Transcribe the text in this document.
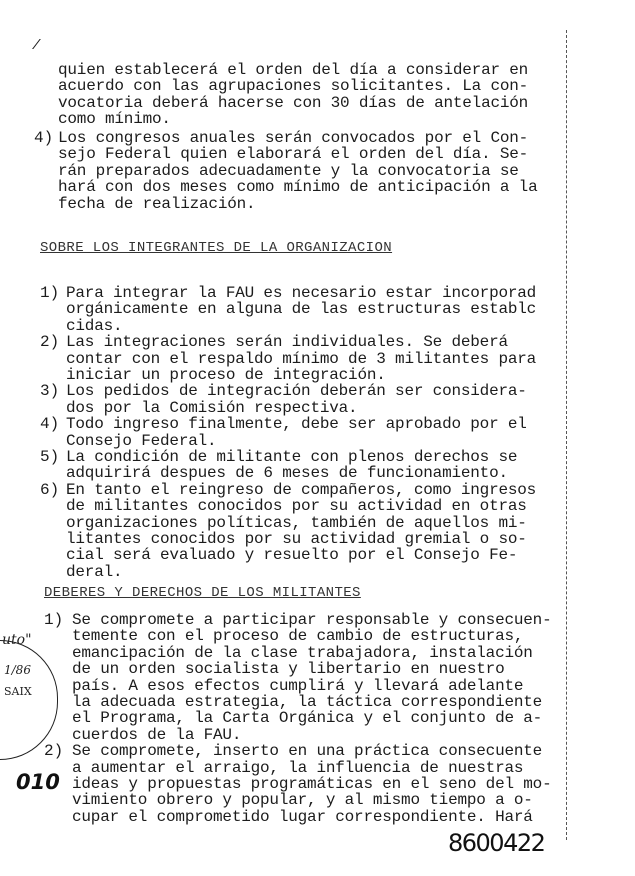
/
quien establecerá el orden del día a considerar en
acuerdo con las agrupaciones solicitantes. La con-
vocatoria deberá hacerse con 30 días de antelación
como mínimo.
4) Los congresos anuales serán convocados por el Con-
sejo Federal quien elaborará el orden del día. Se-
rán preparados adecuadamente y la convocatoria se
hará con dos meses como mínimo de anticipación a la
fecha de realización.
SOBRE LOS INTEGRANTES DE LA ORGANIZACION
1) Para integrar la FAU es necesario estar incorporad
orgánicamente en alguna de las estructuras establc
cidas.
2) Las integraciones serán individuales. Se deberá
contar con el respaldo mínimo de 3 militantes para
iniciar un proceso de integración.
3) Los pedidos de integración deberán ser considera-
dos por la Comisión respectiva.
4) Todo ingreso finalmente, debe ser aprobado por el
Consejo Federal.
5) La condición de militante con plenos derechos se
adquirirá despues de 6 meses de funcionamiento.
6) En tanto el reingreso de compañeros, como ingresos
de militantes conocidos por su actividad en otras
organizaciones políticas, también de aquellos mi-
litantes conocidos por su actividad gremial o so-
cial será evaluado y resuelto por el Consejo Fe-
deral.
DEBERES Y DERECHOS DE LOS MILITANTES
1) Se compromete a participar responsable y consecuen-
temente con el proceso de cambio de estructuras,
emancipación de la clase trabajadora, instalación
de un orden socialista y libertario en nuestro
país. A esos efectos cumplirá y llevará adelante
la adecuada estrategia, la táctica correspondiente
el Programa, la Carta Orgánica y el conjunto de a-
cuerdos de la FAU.
2) Se compromete, inserto en una práctica consecuente
a aumentar el arraigo, la influencia de nuestras
ideas y propuestas programáticas en el seno del mo-
vimiento obrero y popular, y al mismo tiempo a o-
cupar el comprometido lugar correspondiente. Hará
uto"
1/86
SAIX
010
8600422
